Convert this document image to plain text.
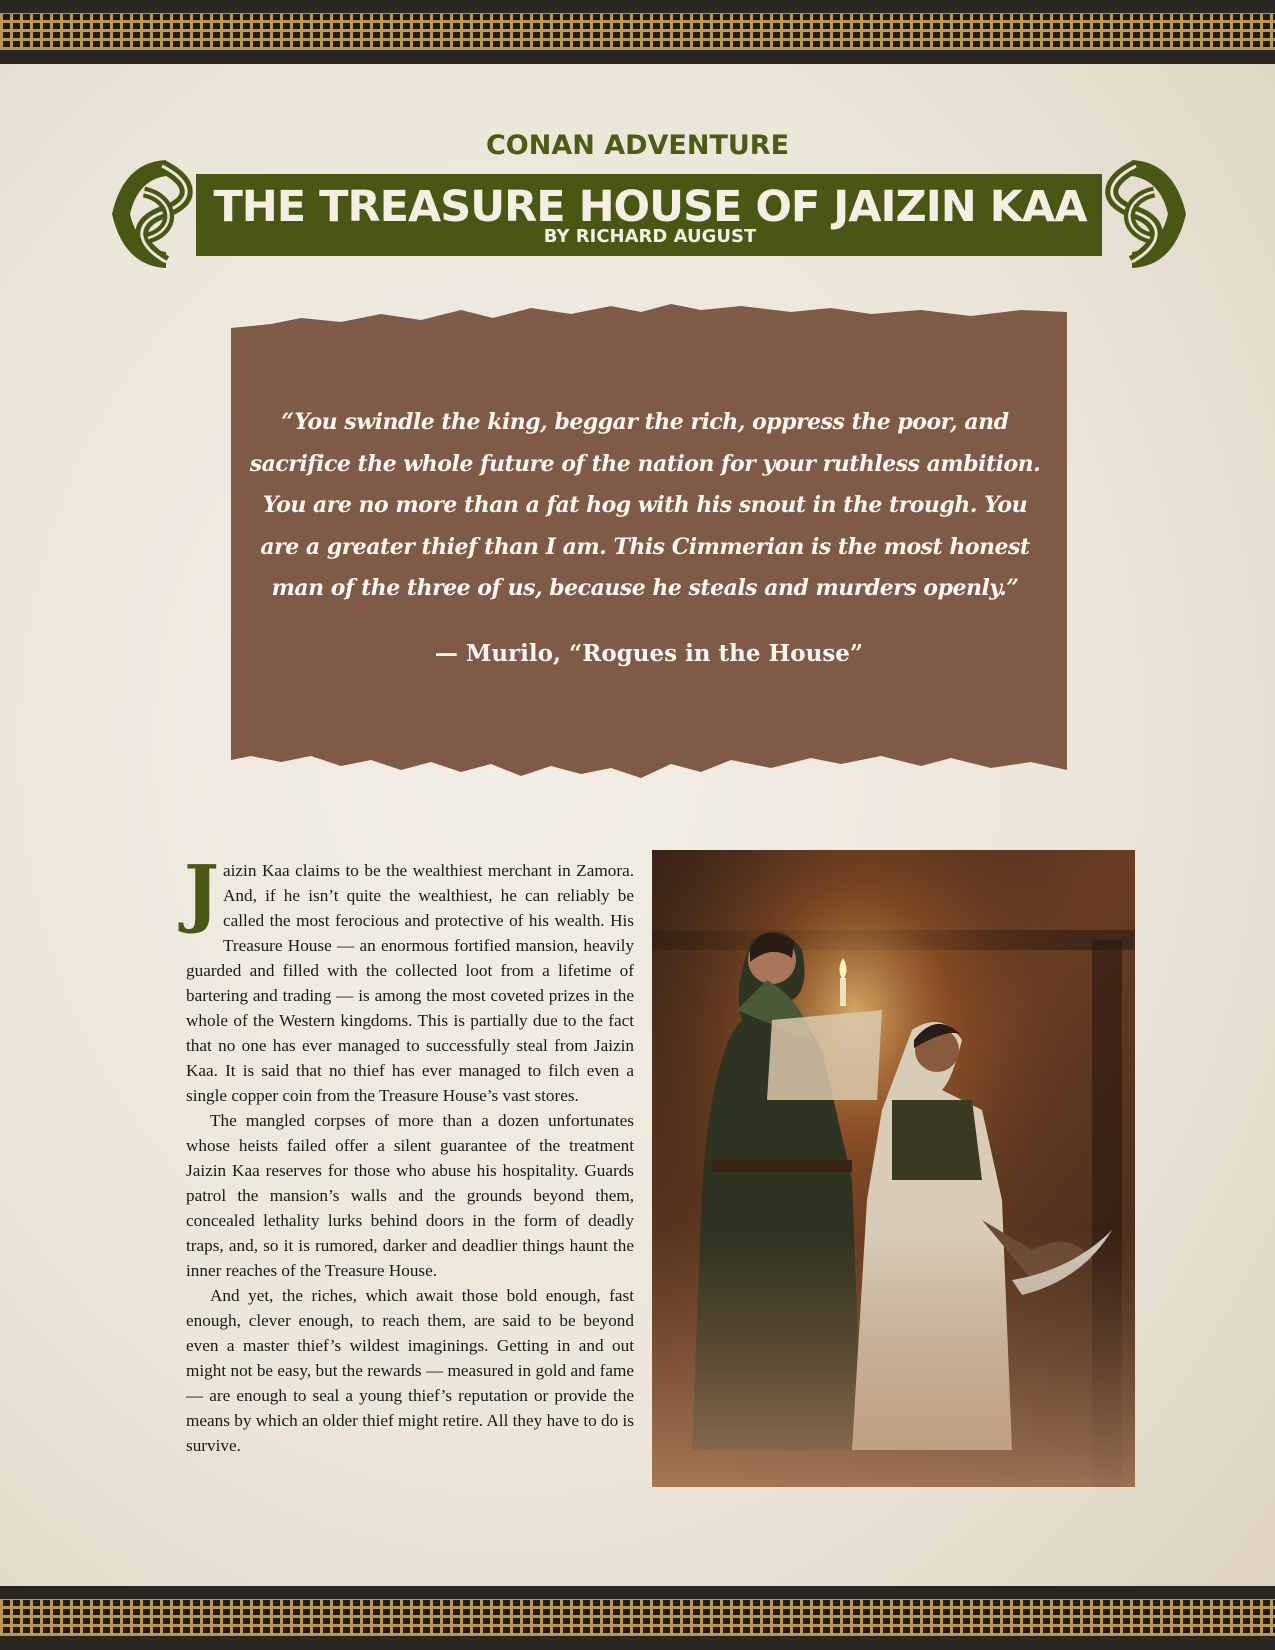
CONAN ADVENTURE
THE TREASURE HOUSE OF JAIZIN KAA
BY RICHARD AUGUST
“You swindle the king, beggar the rich, oppress the poor, and sacrifice the whole future of the nation for your ruthless ambition. You are no more than a fat hog with his snout in the trough. You are a greater thief than I am. This Cimmerian is the most honest man of the three of us, because he steals and murders openly.”
— Murilo, “Rogues in the House”

Jaizin Kaa claims to be the wealthiest merchant in Zamora. And, if he isn’t quite the wealthiest, he can reliably be called the most ferocious and protective of his wealth. His Treasure House — an enormous fortified mansion, heavily guarded and filled with the collected loot from a lifetime of bartering and trading — is among the most coveted prizes in the whole of the Western kingdoms. This is partially due to the fact that no one has ever managed to successfully steal from Jaizin Kaa. It is said that no thief has ever managed to filch even a single copper coin from the Treasure House’s vast stores.

The mangled corpses of more than a dozen unfortunates whose heists failed offer a silent guarantee of the treatment Jaizin Kaa reserves for those who abuse his hospitality. Guards patrol the mansion’s walls and the grounds beyond them, concealed lethality lurks behind doors in the form of deadly traps, and, so it is rumored, darker and deadlier things haunt the inner reaches of the Treasure House.

And yet, the riches, which await those bold enough, fast enough, clever enough, to reach them, are said to be beyond even a master thief’s wildest imaginings. Getting in and out might not be easy, but the rewards — measured in gold and fame — are enough to seal a young thief’s reputation or provide the means by which an older thief might retire. All they have to do is survive.
